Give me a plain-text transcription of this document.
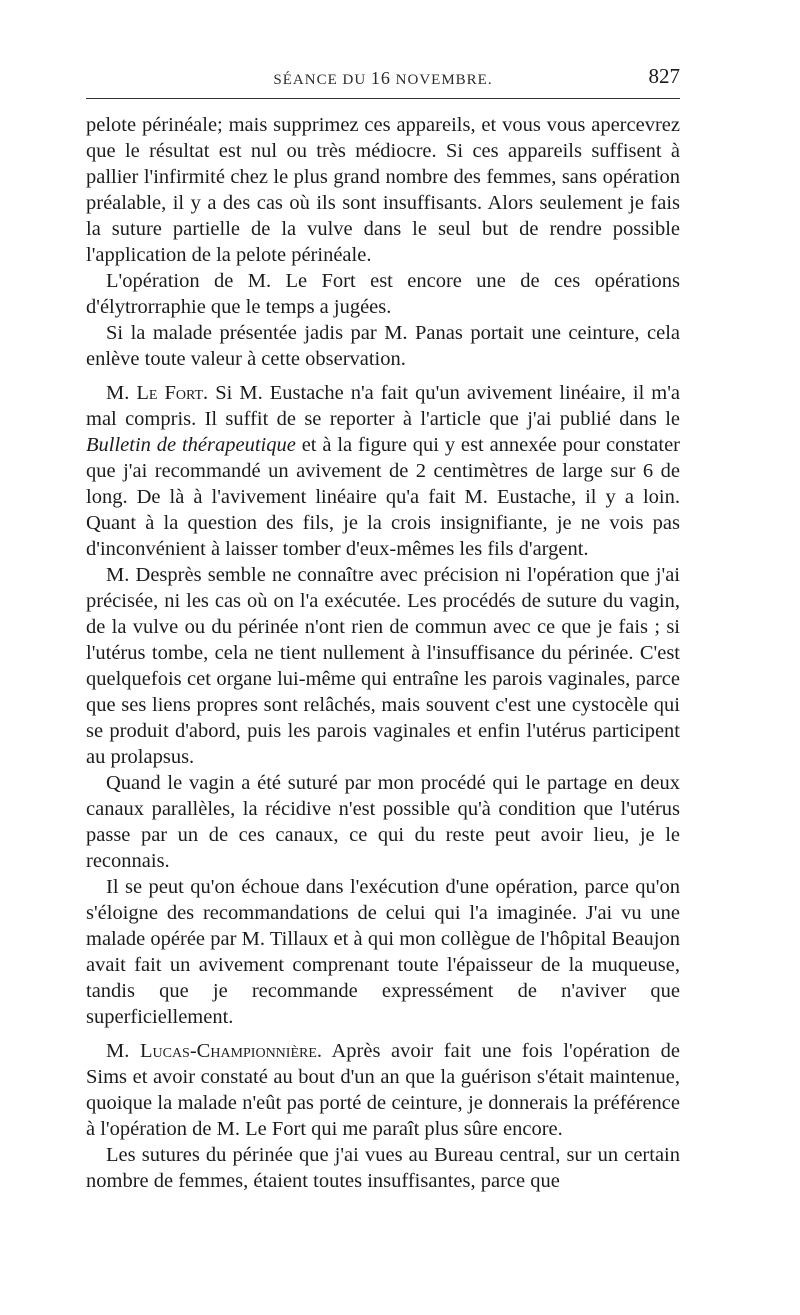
SÉANCE DU 16 NOVEMBRE.	827

pelote périnéale; mais supprimez ces appareils, et vous vous apercevrez que le résultat est nul ou très médiocre. Si ces appareils suffisent à pallier l'infirmité chez le plus grand nombre des femmes, sans opération préalable, il y a des cas où ils sont insuffisants. Alors seulement je fais la suture partielle de la vulve dans le seul but de rendre possible l'application de la pelote périnéale.

L'opération de M. Le Fort est encore une de ces opérations d'élytrorraphie que le temps a jugées.

Si la malade présentée jadis par M. Panas portait une ceinture, cela enlève toute valeur à cette observation.

M. Le Fort. Si M. Eustache n'a fait qu'un avivement linéaire, il m'a mal compris. Il suffit de se reporter à l'article que j'ai publié dans le Bulletin de thérapeutique et à la figure qui y est annexée pour constater que j'ai recommandé un avivement de 2 centimètres de large sur 6 de long. De là à l'avivement linéaire qu'a fait M. Eustache, il y a loin. Quant à la question des fils, je la crois insignifiante, je ne vois pas d'inconvénient à laisser tomber d'eux-mêmes les fils d'argent.

M. Desprès semble ne connaître avec précision ni l'opération que j'ai précisée, ni les cas où on l'a exécutée. Les procédés de suture du vagin, de la vulve ou du périnée n'ont rien de commun avec ce que je fais ; si l'utérus tombe, cela ne tient nullement à l'insuffisance du périnée. C'est quelquefois cet organe lui-même qui entraîne les parois vaginales, parce que ses liens propres sont relâchés, mais souvent c'est une cystocèle qui se produit d'abord, puis les parois vaginales et enfin l'utérus participent au prolapsus.

Quand le vagin a été suturé par mon procédé qui le partage en deux canaux parallèles, la récidive n'est possible qu'à condition que l'utérus passe par un de ces canaux, ce qui du reste peut avoir lieu, je le reconnais.

Il se peut qu'on échoue dans l'exécution d'une opération, parce qu'on s'éloigne des recommandations de celui qui l'a imaginée. J'ai vu une malade opérée par M. Tillaux et à qui mon collègue de l'hôpital Beaujon avait fait un avivement comprenant toute l'épaisseur de la muqueuse, tandis que je recommande expressément de n'aviver que superficiellement.

M. Lucas-Championnière. Après avoir fait une fois l'opération de Sims et avoir constaté au bout d'un an que la guérison s'était maintenue, quoique la malade n'eût pas porté de ceinture, je donnerais la préférence à l'opération de M. Le Fort qui me paraît plus sûre encore.

Les sutures du périnée que j'ai vues au Bureau central, sur un certain nombre de femmes, étaient toutes insuffisantes, parce que
